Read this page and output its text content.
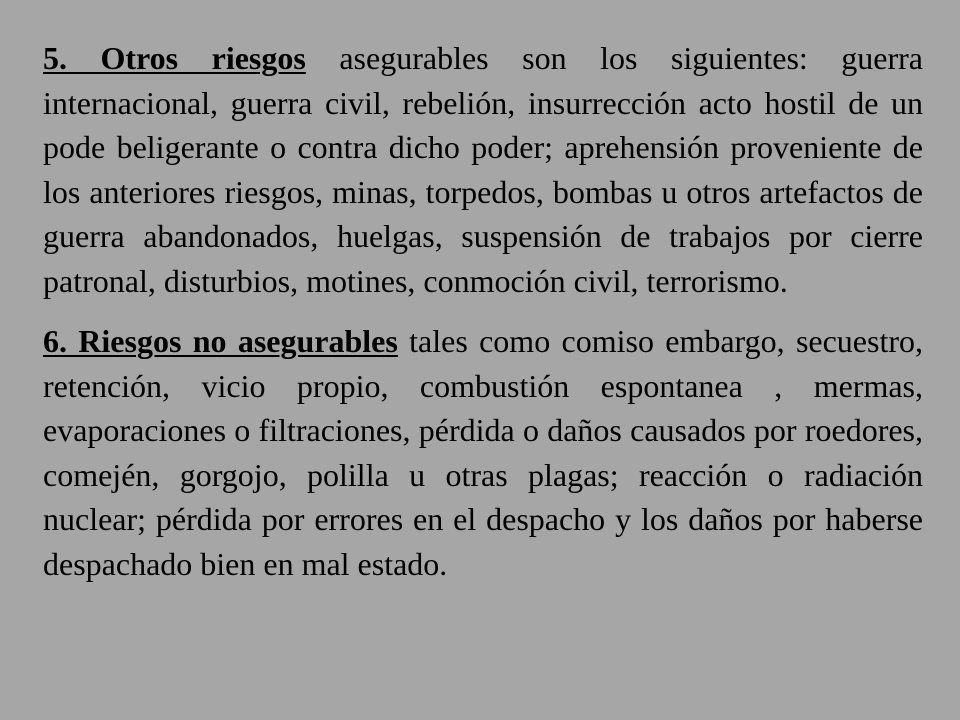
5. Otros riesgos asegurables son los siguientes: guerra internacional, guerra civil, rebelión, insurrección acto hostil de un pode beligerante o contra dicho poder; aprehensión proveniente de los anteriores riesgos, minas, torpedos, bombas u otros artefactos de guerra abandonados, huelgas, suspensión de trabajos por cierre patronal, disturbios, motines, conmoción civil, terrorismo.

6. Riesgos no asegurables tales como comiso embargo, secuestro, retención, vicio propio, combustión espontanea , mermas, evaporaciones o filtraciones, pérdida o daños causados por roedores, comején, gorgojo, polilla u otras plagas; reacción o radiación nuclear; pérdida por errores en el despacho y los daños por haberse despachado bien en mal estado.
